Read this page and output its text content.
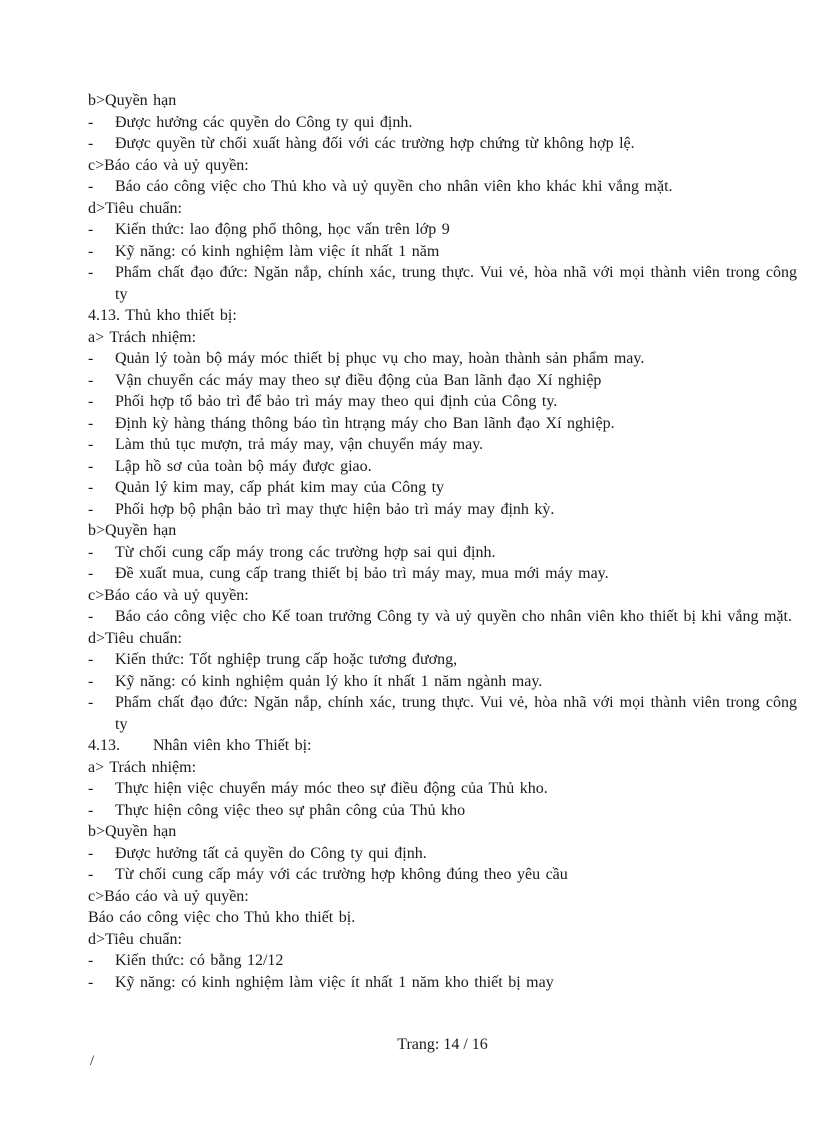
b>Quyền hạn
-	Được hưởng các quyền do Công ty qui định.
-	Được quyền từ chối xuất hàng đối với các trường hợp chứng từ không hợp lệ.
c>Báo cáo và uỷ quyền:
-	Báo cáo công việc cho Thủ kho và uỷ quyền cho nhân viên kho khác khi vắng mặt.
d>Tiêu chuẩn:
-	Kiến thức: lao động phổ thông, học vấn trên lớp 9
-	Kỹ năng: có kinh nghiệm làm việc ít nhất 1 năm
-	Phẩm chất đạo đức: Ngăn nắp, chính xác, trung thực. Vui vẻ, hòa nhã với mọi thành viên trong công ty
4.13. Thủ kho thiết bị:
a> Trách nhiệm:
-	Quản lý toàn bộ máy móc thiết bị phục vụ cho may, hoàn thành sản phẩm may.
-	Vận chuyển các máy may theo sự điều động của Ban lãnh đạo Xí nghiệp
-	Phối hợp tổ bảo trì để bảo trì máy may theo qui định của Công ty.
-	Định kỳ hàng tháng thông báo tìn htrạng máy cho Ban lãnh đạo Xí nghiệp.
-	Làm thủ tục mượn, trả máy may, vận chuyển máy may.
-	Lập hồ sơ của toàn bộ máy được giao.
-	Quản lý kim may, cấp phát kim may của Công ty
-	Phối hợp bộ phận bảo trì may thực hiện bảo trì máy may định kỳ.
b>Quyền hạn
-	Từ chối cung cấp máy trong các trường hợp sai qui định.
-	Đề xuất mua, cung cấp trang thiết bị bảo trì máy may, mua mới máy may.
c>Báo cáo và uỷ quyền:
-	Báo cáo công việc cho Kế toan trưởng Công ty và uỷ quyền cho nhân viên kho thiết bị khi vắng mặt.
d>Tiêu chuẩn:
-	Kiến thức: Tốt nghiệp trung cấp hoặc tương đương,
-	Kỹ năng: có kinh nghiệm quản lý kho ít nhất 1 năm ngành may.
-	Phẩm chất đạo đức: Ngăn nắp, chính xác, trung thực. Vui vẻ, hòa nhã với mọi thành viên trong công ty
4.13.      Nhân viên kho Thiết bị:
a> Trách nhiệm:
-	Thực hiện việc chuyển máy móc theo sự điều động của Thủ kho.
-	Thực hiện công việc theo sự phân công của Thủ kho
b>Quyền hạn
-	Được hưởng tất cả quyền do Công ty qui định.
-	Từ chối cung cấp máy với các trường hợp không đúng theo yêu cầu
c>Báo cáo và uỷ quyền:
Báo cáo công việc cho Thủ kho thiết bị.
d>Tiêu chuẩn:
-	Kiến thức: có bằng 12/12
-	Kỹ năng: có kinh nghiệm làm việc ít nhất 1 năm kho thiết bị may
Trang: 14 / 16
/
